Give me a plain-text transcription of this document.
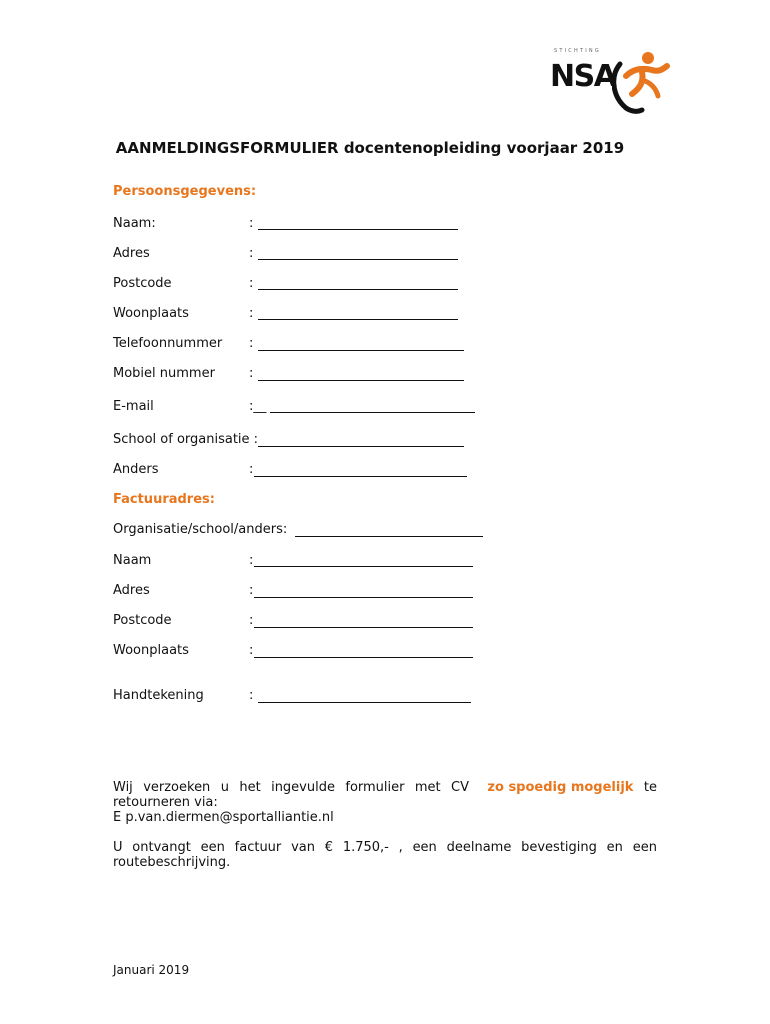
STICHTING
NSA
AANMELDINGSFORMULIER docentenopleiding voorjaar 2019
Persoonsgegevens:
Naam:	:
Adres	:
Postcode	:
Woonplaats	:
Telefoonnummer :
Mobiel nummer	:
E-mail	:__
School of organisatie :
Anders	:
Factuuradres:
Organisatie/school/anders:
Naam	:
Adres	:
Postcode	:
Woonplaats	:
Handtekening	:
Wij verzoeken u het ingevulde formulier met CV zo spoedig mogelijk te
retourneren via:
E p.van.diermen@sportalliantie.nl
U ontvangt een factuur van € 1.750,- , een deelname bevestiging en een
routebeschrijving.
Januari 2019
